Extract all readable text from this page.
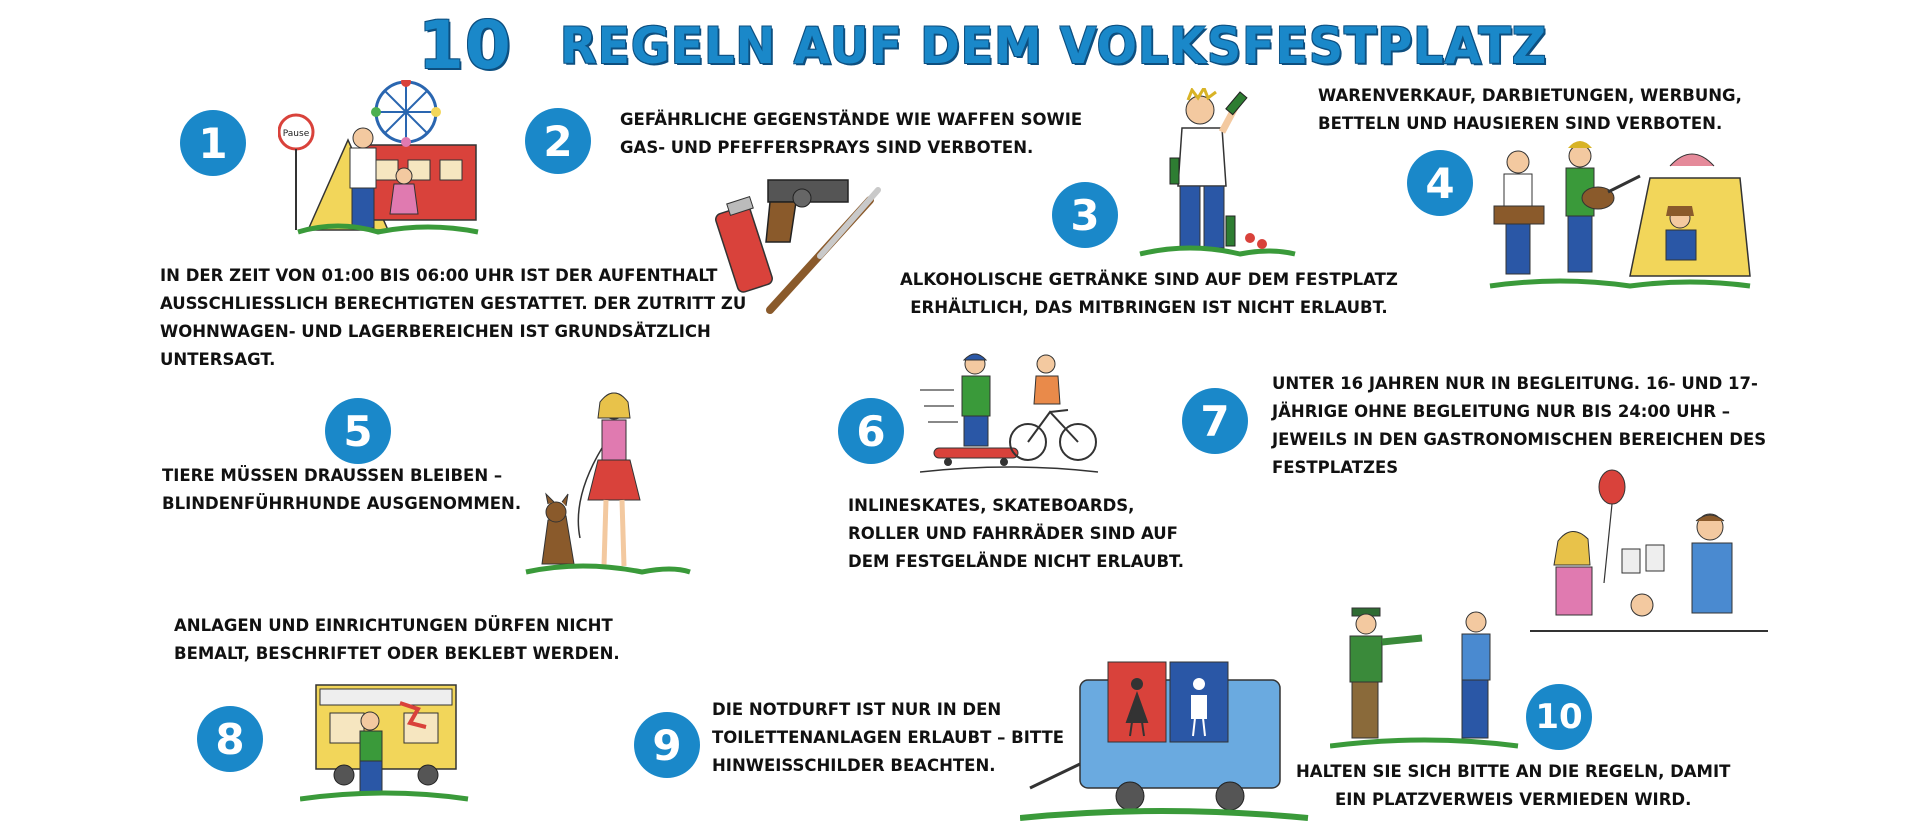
10 REGELN AUF DEM VOLKSFESTPLATZ
1	Pause
IN DER ZEIT VON 01:00 BIS 06:00 UHR IST DER AUFENTHALT
AUSSCHLIESSLICH BERECHTIGTEN GESTATTET. DER ZUTRITT ZU
WOHNWAGEN- UND LAGERBEREICHEN IST GRUNDSÄTZLICH
UNTERSAGT.
2	GEFÄHRLICHE GEGENSTÄNDE WIE WAFFEN SOWIE
GAS- UND PFEFFERSPRAYS SIND VERBOTEN.
3
ALKOHOLISCHE GETRÄNKE SIND AUF DEM FESTPLATZ
ERHÄLTLICH, DAS MITBRINGEN IST NICHT ERLAUBT.
WARENVERKAUF, DARBIETUNGEN, WERBUNG,
BETTELN UND HAUSIEREN SIND VERBOTEN.
4
5
TIERE MÜSSEN DRAUSSEN BLEIBEN –
BLINDENFÜHRHUNDE AUSGENOMMEN.
6
INLINESKATES, SKATEBOARDS,
ROLLER UND FAHRRÄDER SIND AUF
DEM FESTGELÄNDE NICHT ERLAUBT.
7
UNTER 16 JAHREN NUR IN BEGLEITUNG. 16- UND 17-
JÄHRIGE OHNE BEGLEITUNG NUR BIS 24:00 UHR –
JEWEILS IN DEN GASTRONOMISCHEN BEREICHEN DES
FESTPLATZES
ANLAGEN UND EINRICHTUNGEN DÜRFEN NICHT
BEMALT, BESCHRIFTET ODER BEKLEBT WERDEN.
8	9
DIE NOTDURFT IST NUR IN DEN
TOILETTENANLAGEN ERLAUBT – BITTE
HINWEISSCHILDER BEACHTEN.
10
HALTEN SIE SICH BITTE AN DIE REGELN, DAMIT
EIN PLATZVERWEIS VERMIEDEN WIRD.
